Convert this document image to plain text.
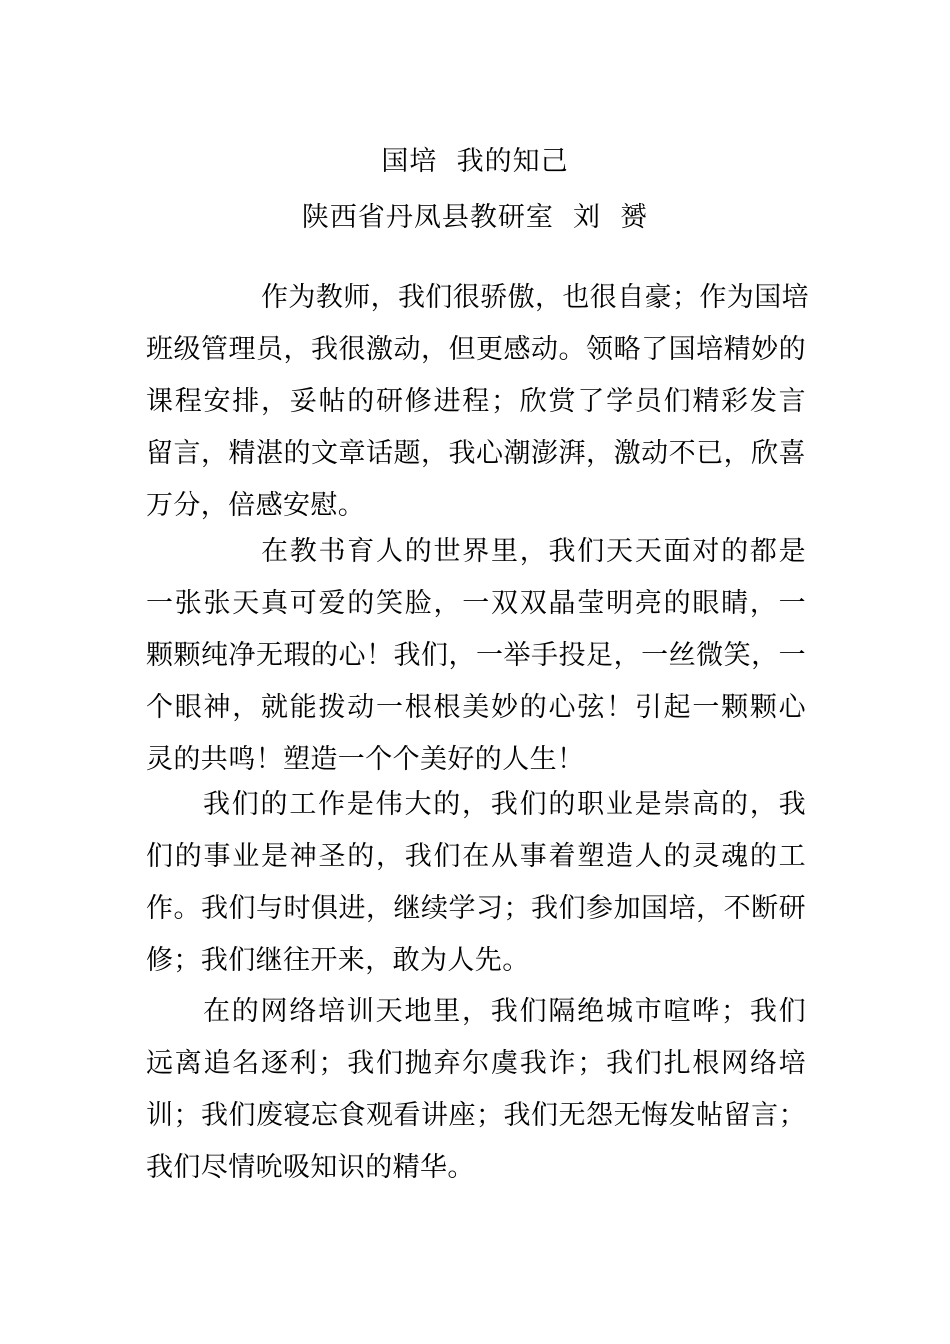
国培  我的知己
陕西省丹凤县教研室  刘  赟
作为教师，我们很骄傲，也很自豪；作为国培
班级管理员，我很激动，但更感动。领略了国培精妙的
课程安排，妥帖的研修进程；欣赏了学员们精彩发言
留言，精湛的文章话题，我心潮澎湃，激动不已，欣喜
万分，倍感安慰。
在教书育人的世界里，我们天天面对的都是
一张张天真可爱的笑脸，一双双晶莹明亮的眼睛，一
颗颗纯净无瑕的心！我们，一举手投足，一丝微笑，一
个眼神，就能拨动一根根美妙的心弦！引起一颗颗心
灵的共鸣！塑造一个个美好的人生！
我们的工作是伟大的，我们的职业是崇高的，我
们的事业是神圣的，我们在从事着塑造人的灵魂的工
作。我们与时俱进，继续学习；我们参加国培，不断研
修；我们继往开来，敢为人先。
在的网络培训天地里，我们隔绝城市喧哗；我们
远离追名逐利；我们抛弃尔虞我诈；我们扎根网络培
训；我们废寝忘食观看讲座；我们无怨无悔发帖留言；
我们尽情吮吸知识的精华。
